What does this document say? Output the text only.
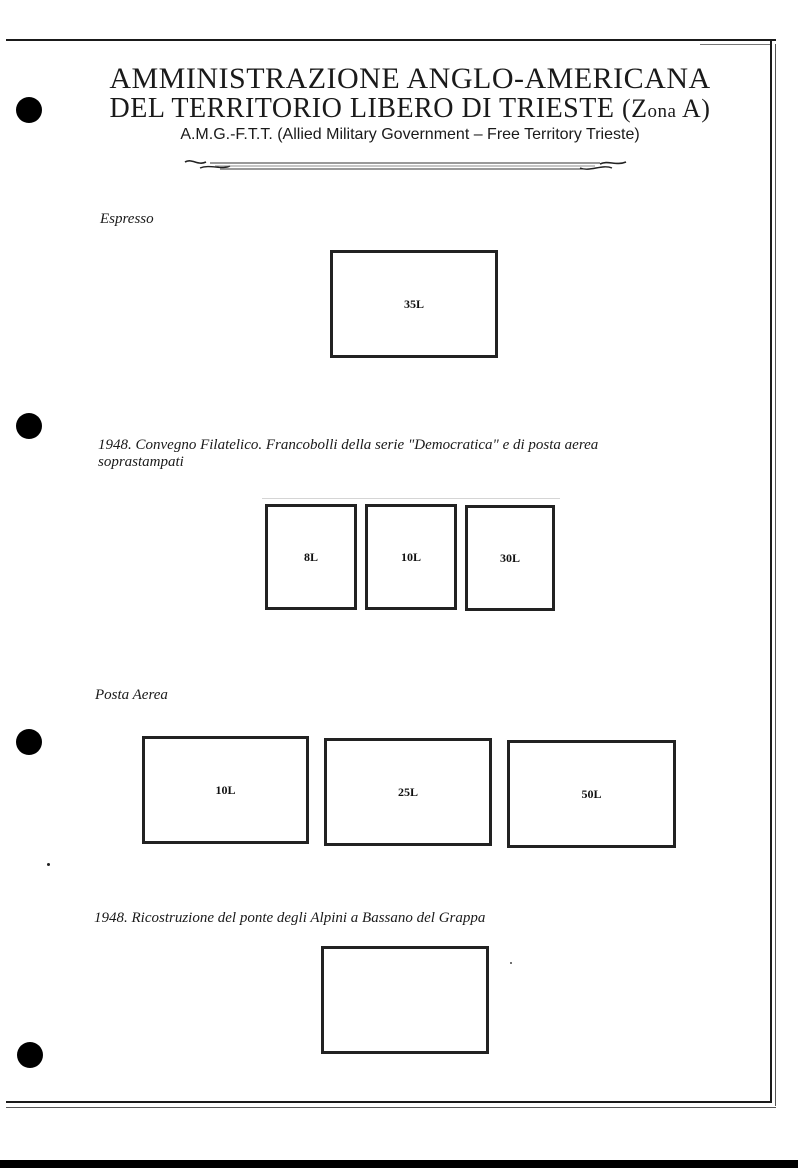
AMMINISTRAZIONE ANGLO-AMERICANA
DEL TERRITORIO LIBERO DI TRIESTE (Zona A)
A.M.G.-F.T.T. (Allied Military Government – Free Territory Trieste)
Espresso
35L
1948. Convegno Filatelico. Francobolli della serie "Democratica" e di posta aerea
soprastampati
8L	10L	30L
Posta Aerea
10L	25L	50L
1948. Ricostruzione del ponte degli Alpini a Bassano del Grappa
